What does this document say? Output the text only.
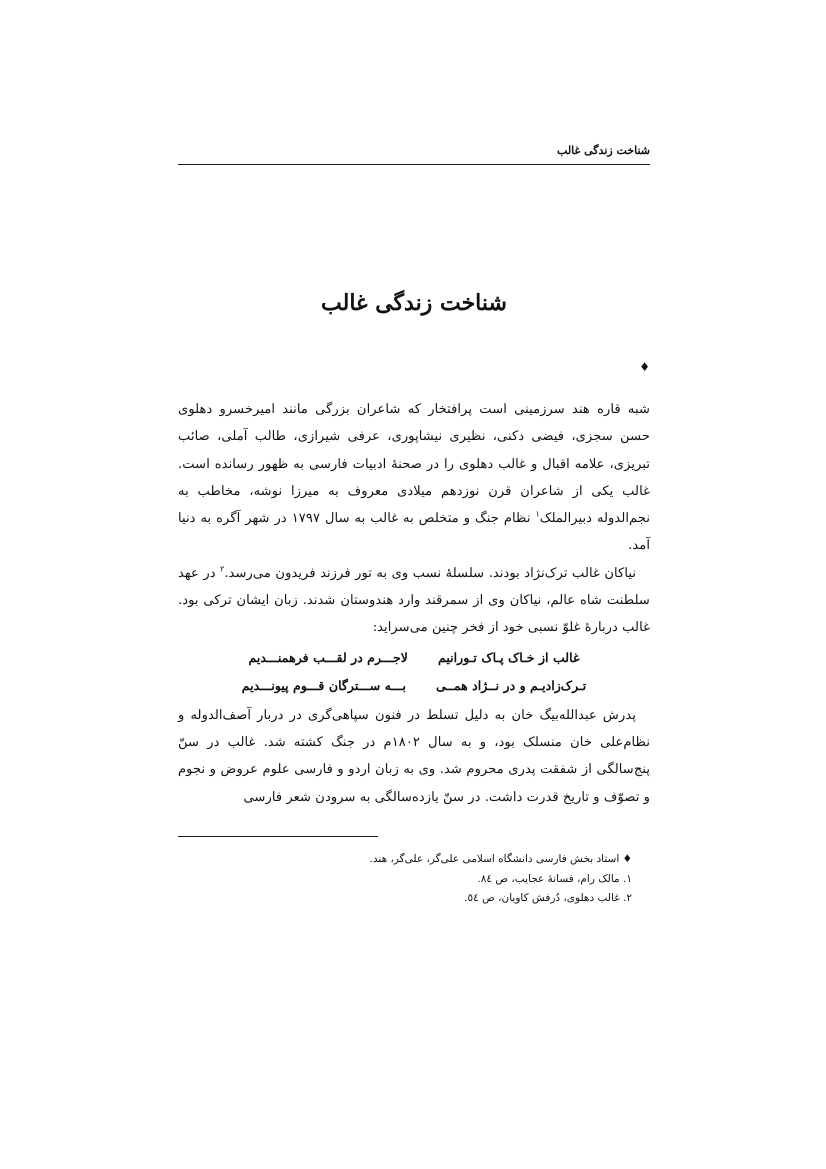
شناخت زندگی غالب
شناخت زندگی غالب
♦

شبه قاره هند سرزمینی است پرافتخار که شاعران بزرگی مانند امیرخسرو دهلوی حسن سجزی، فیضی دکنی، نظیری نیشاپوری، عرفی شیرازی، طالب آملی، صائب تبریزی، علامه اقبال و غالب دهلوی را در صحنهٔ ادبیات فارسی به ظهور رسانده است. غالب یکی از شاعران قرن نوزدهم میلادی معروف به میرزا نوشه، مخاطب به نجم‌الدوله دبیرالملک$^۱$ نظام جنگ و متخلص به غالب به سال ۱۷۹۷ در شهر آگره به دنیا آمد.

نیاکان غالب ترک‌نژاد بودند. سلسلهٔ نسب وی به تور فرزند فریدون می‌رسد.$^۲$ در عهد سلطنت شاه عالم، نیاکان وی از سمرقند وارد هندوستان شدند. زبان ایشان ترکی بود. غالب دربارهٔ غلوّ نسبی خود از فخر چنین می‌سراید:

غالب از خـاک پـاک تـورانیم
لاجـــرم در لقـــب فرهمنـــدیم
تـرک‌زادیـم و در نــژاد همــی
بـــه ســـترگان قـــوم پیونـــدیم

پدرش عبدالله‌بیگ خان به دلیل تسلط در فنون سپاهی‌گری در دربار آصف‌الدوله و نظام‌علی خان منسلک بود، و به سال ۱۸۰۲م در جنگ کشته شد. غالب در سنّ پنج‌سالگی از شفقت پدری محروم شد. وی به زبان اردو و فارسی علوم عروض و نجوم و تصوّف و تاریخ قدرت داشت. در سنّ یازده‌سالگی به سرودن شعر فارسی

♦ استاد بخش فارسی دانشگاه اسلامی علی‌گر، علی‌گر، هند.

۱. مالک رام، فسانهٔ عجایب، ص ۸٤.

۲. غالب دهلوی، دُرفش کاویان، ص ٥٤.
